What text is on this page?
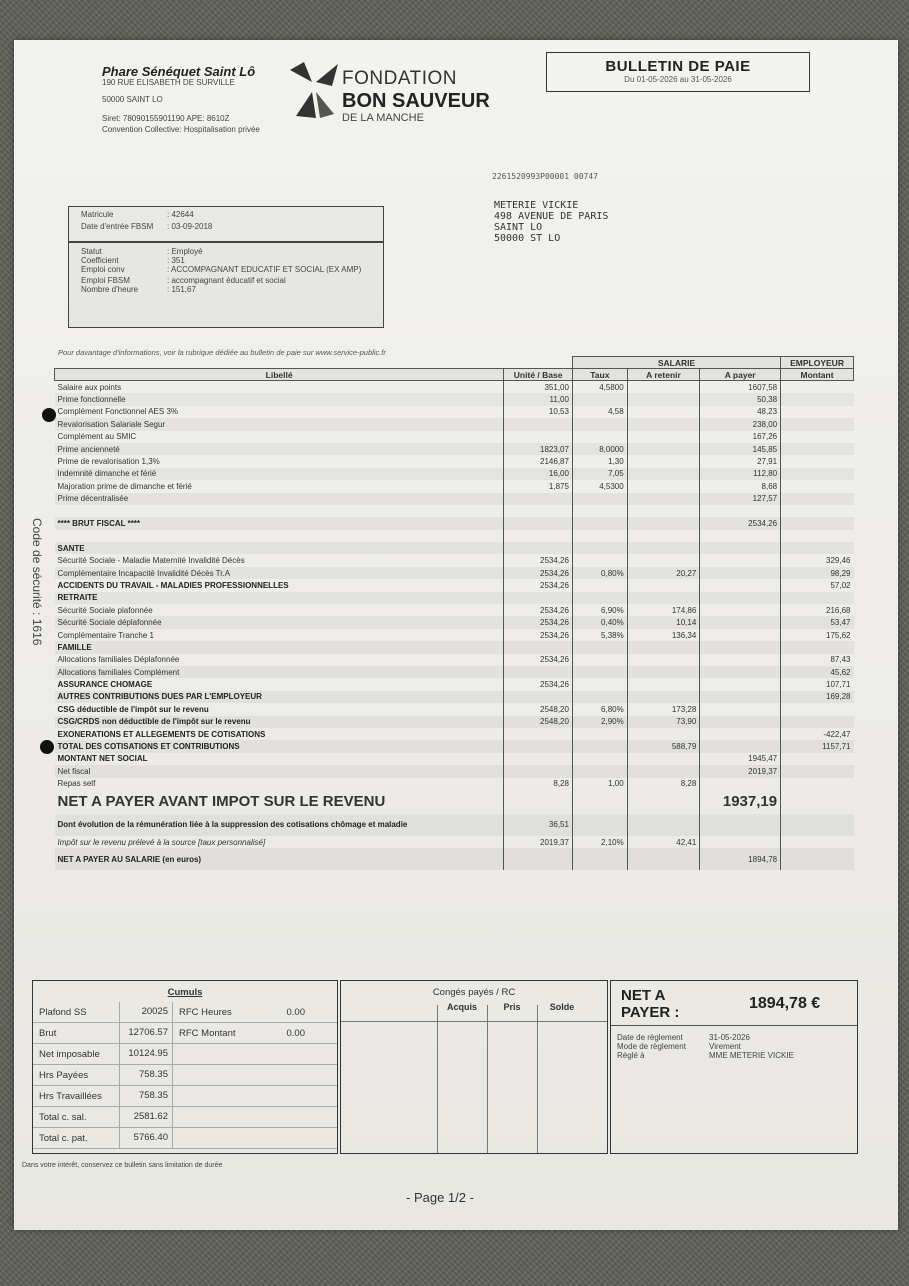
Phare Sénéquet Saint Lô
190 RUE ELISABETH DE SURVILLE
50000 SAINT LO
Siret: 78090155901190 APE: 8610Z
Convention Collective: Hospitalisation privée
FONDATION
BON SAUVEUR
DE LA MANCHE
BULLETIN DE PAIE
Du 01-05-2026 au 31-05-2026
2261520993P00001 00747
METERIE VICKIE
498 AVENUE DE PARIS
SAINT LO
50000 ST LO
Matricule	: 42644
Date d'entrée FBSM	: 03-09-2018
Statut	: Employé
Coefficient	: 351
Emploi conv	: ACCOMPAGNANT EDUCATIF ET SOCIAL (EX AMP)
Emploi FBSM	: accompagnant éducatif et social
Nombre d'heure	: 151,67
Pour davantage d'informations, voir la rubrique dédiée au bulletin de paie sur www.service-public.fr
Code de sécurité : 1616
		SALARIE			EMPLOYEUR
Libellé	Unité / Base	Taux	A retenir	A payer	Montant
Salaire aux points	351,00	4,5800		1607,58	
Prime fonctionnelle	11,00			50,38	
Complément Fonctionnel AES 3%	10,53	4,58		48,23	
Revalorisation Salariale Segur				238,00	
Complément au SMIC				167,26	
Prime ancienneté	1823,07	8,0000		145,85	
Prime de revalorisation 1,3%	2146,87	1,30		27,91	
Indemnité dimanche et férié	16,00	7,05		112,80	
Majoration prime de dimanche et férié	1,875	4,5300		8,68	
Prime décentralisée				127,57	

**** BRUT FISCAL ****				2534,26	

SANTE					
Sécurité Sociale - Maladie Maternité Invalidité Décès	2534,26				329,46
Complémentaire Incapacité Invalidité Décès Tr.A	2534,26	0,80%	20,27		98,29
ACCIDENTS DU TRAVAIL - MALADIES PROFESSIONNELLES	2534,26				57,02
RETRAITE					
Sécurité Sociale plafonnée	2534,26	6,90%	174,86		216,68
Sécurité Sociale déplafonnée	2534,26	0,40%	10,14		53,47
Complémentaire Tranche 1	2534,26	5,38%	136,34		175,62
FAMILLE					
Allocations familiales Déplafonnée	2534,26				87,43
Allocations familiales Complément					45,62
ASSURANCE CHOMAGE	2534,26				107,71
AUTRES CONTRIBUTIONS DUES PAR L'EMPLOYEUR					169,28
CSG déductible de l'impôt sur le revenu	2548,20	6,80%	173,28		
CSG/CRDS non déductible de l'impôt sur le revenu	2548,20	2,90%	73,90		
EXONERATIONS ET ALLEGEMENTS DE COTISATIONS					-422,47
TOTAL DES COTISATIONS ET CONTRIBUTIONS			588,79		1157,71
MONTANT NET SOCIAL				1945,47	
Net fiscal				2019,37	
Repas self	8,28	1,00	8,28		
NET A PAYER AVANT IMPOT SUR LE REVENU				1937,19	
Dont évolution de la rémunération liée à la suppression des cotisations chômage et maladie	36,51				
Impôt sur le revenu prélevé à la source [taux personnalisé]	2019,37	2,10%	42,41		
NET A PAYER AU SALARIE (en euros)				1894,78	
Cumuls
Plafond SS	20025	RFC Heures	0.00
Brut	12706.57	RFC Montant	0.00
Net imposable	10124.95
Hrs Payées	758.35
Hrs Travaillées	758.35
Total c. sal.	2581.62
Total c. pat.	5766.40
Congés payés / RC
Acquis	Pris	Solde
NET A
PAYER :
1894,78 €
Date de règlement	31-05-2026
Mode de règlement	Virement
Réglé à	MME METERIE VICKIE
Dans votre intérêt, conservez ce bulletin sans limitation de durée
- Page 1/2 -
